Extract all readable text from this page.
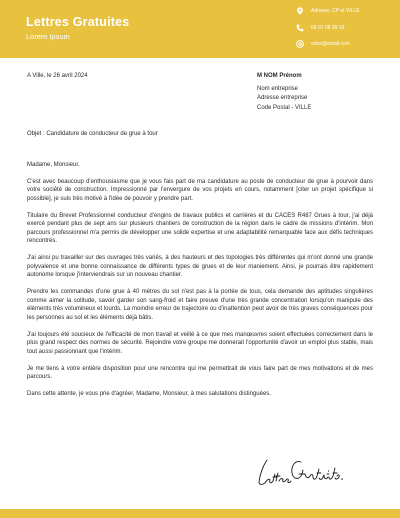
Lettres Gratuites
Lorem Ipsum
Adresse, CP et VILLE
06 07 08 09 10
votre@email.com
A Ville, le 26 avril 2024	M NOM Prénom
Nom entreprise
Adresse entreprise
Code Postal - VILLE
Objet : Candidature de conducteur de grue à tour

Madame, Monsieur,

C'est avec beaucoup d'enthousiasme que je vous fais part de ma candidature au poste de conducteur de grue à pourvoir dans votre société de construction. Impressionné par l'envergure de vos projets en cours, notamment [citer un projet spécifique si possible], je suis très motivé à l'idée de pouvoir y prendre part.

Titulaire du Brevet Professionnel conducteur d'engins de travaux publics et carrières et du CACES R487 Grues à tour, j'ai déjà exercé pendant plus de sept ans sur plusieurs chantiers de construction de la région dans le cadre de missions d'intérim. Mon parcours professionnel m'a permis de développer une solide expertise et une adaptabilité remarquable face aux défis techniques rencontrés.

J'ai ainsi pu travailler sur des ouvrages très variés, à des hauteurs et des topologies très différentes qui m'ont donné une grande polyvalence et une bonne connaissance de différents types de grues et de leur maniement. Ainsi, je pourrais être rapidement autonome lorsque j'interviendrais sur un nouveau chantier.

Prendre les commandes d'une grue à 40 mètres du sol n'est pas à la portée de tous, cela demande des aptitudes singulières comme aimer la solitude, savoir garder son sang-froid et faire preuve d'une très grande concentration lorsqu'on manipule des éléments très volumineux et lourds. La moindre erreur de trajectoire ou d'inattention peut avoir de très graves conséquences pour les personnes au sol et les éléments déjà bâtis.

J'ai toujours été soucieux de l'efficacité de mon travail et veillé à ce que mes manœuvres soient effectuées correctement dans le plus grand respect des normes de sécurité. Rejoindre votre groupe me donnerait l'opportunité d'avoir un emploi plus stable, mais tout aussi passionnant que l'intérim.

Je me tiens à votre entière disposition pour une rencontre qui me permettrait de vous faire part de mes motivations et de mes parcours.

Dans cette attente, je vous prie d'agréer, Madame, Monsieur, à mes salutations distinguées.
